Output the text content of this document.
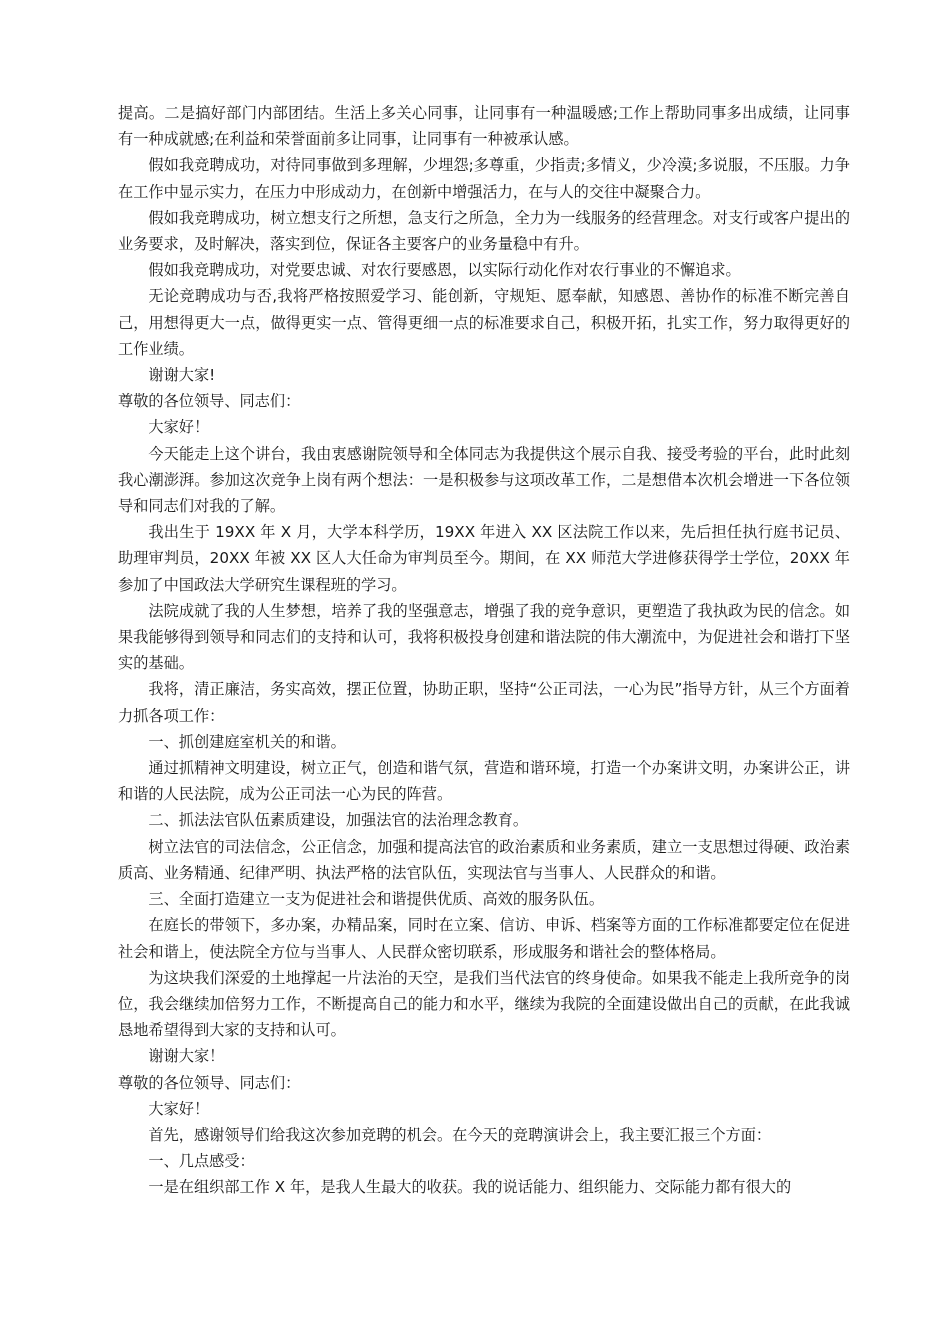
提高。二是搞好部门内部团结。生活上多关心同事，让同事有一种温暖感;工作上帮助同事多出成绩，让同事有一种成就感;在利益和荣誉面前多让同事，让同事有一种被承认感。

假如我竞聘成功，对待同事做到多理解，少埋怨;多尊重，少指责;多情义，少冷漠;多说服，不压服。力争在工作中显示实力，在压力中形成动力，在创新中增强活力，在与人的交往中凝聚合力。

假如我竞聘成功，树立想支行之所想，急支行之所急，全力为一线服务的经营理念。对支行或客户提出的业务要求，及时解决，落实到位，保证各主要客户的业务量稳中有升。

假如我竞聘成功，对党要忠诚、对农行要感恩，以实际行动化作对农行事业的不懈追求。

无论竞聘成功与否,我将严格按照爱学习、能创新，守规矩、愿奉献，知感恩、善协作的标准不断完善自己，用想得更大一点，做得更实一点、管得更细一点的标准要求自己，积极开拓，扎实工作，努力取得更好的工作业绩。

谢谢大家!

尊敬的各位领导、同志们：

大家好！

今天能走上这个讲台，我由衷感谢院领导和全体同志为我提供这个展示自我、接受考验的平台，此时此刻我心潮澎湃。参加这次竞争上岗有两个想法：一是积极参与这项改革工作，二是想借本次机会增进一下各位领导和同志们对我的了解。

我出生于 19XX 年 X 月，大学本科学历，19XX 年进入 XX 区法院工作以来，先后担任执行庭书记员、助理审判员，20XX 年被 XX 区人大任命为审判员至今。期间，在 XX 师范大学进修获得学士学位，20XX 年参加了中国政法大学研究生课程班的学习。

法院成就了我的人生梦想，培养了我的坚强意志，增强了我的竞争意识，更塑造了我执政为民的信念。如果我能够得到领导和同志们的支持和认可，我将积极投身创建和谐法院的伟大潮流中，为促进社会和谐打下坚实的基础。

我将，清正廉洁，务实高效，摆正位置，协助正职，坚持“公正司法，一心为民”指导方针，从三个方面着力抓各项工作：

一、抓创建庭室机关的和谐。

通过抓精神文明建设，树立正气，创造和谐气氛，营造和谐环境，打造一个办案讲文明，办案讲公正，讲和谐的人民法院，成为公正司法一心为民的阵营。

二、抓法法官队伍素质建设，加强法官的法治理念教育。

树立法官的司法信念，公正信念，加强和提高法官的政治素质和业务素质，建立一支思想过得硬、政治素质高、业务精通、纪律严明、执法严格的法官队伍，实现法官与当事人、人民群众的和谐。

三、全面打造建立一支为促进社会和谐提供优质、高效的服务队伍。

在庭长的带领下，多办案，办精品案，同时在立案、信访、申诉、档案等方面的工作标准都要定位在促进社会和谐上，使法院全方位与当事人、人民群众密切联系，形成服务和谐社会的整体格局。

为这块我们深爱的土地撑起一片法治的天空，是我们当代法官的终身使命。如果我不能走上我所竞争的岗位，我会继续加倍努力工作，不断提高自己的能力和水平，继续为我院的全面建设做出自己的贡献，在此我诚恳地希望得到大家的支持和认可。

谢谢大家！

尊敬的各位领导、同志们：

大家好！

首先，感谢领导们给我这次参加竞聘的机会。在今天的竞聘演讲会上，我主要汇报三个方面：

一、几点感受：

一是在组织部工作 X 年，是我人生最大的收获。我的说话能力、组织能力、交际能力都有很大的
